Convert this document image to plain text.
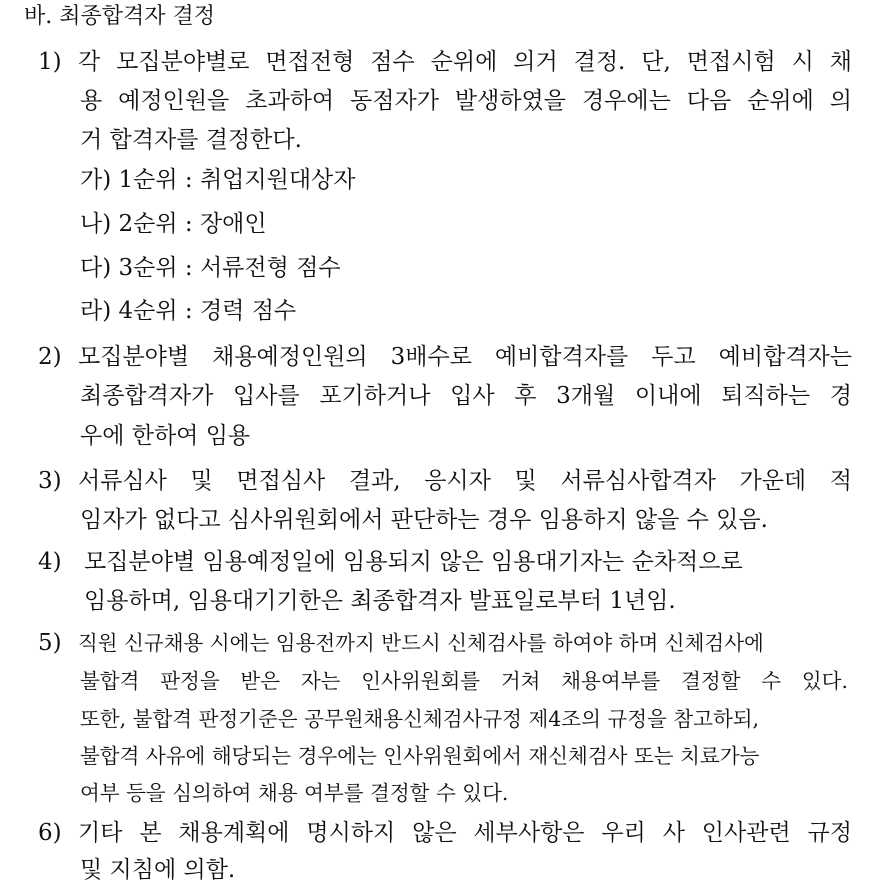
바. 최종합격자 결정
1) 각 모집분야별로 면접전형 점수 순위에 의거 결정. 단, 면접시험 시 채
용 예정인원을 초과하여 동점자가 발생하였을 경우에는 다음 순위에 의
거 합격자를 결정한다.
가) 1순위 : 취업지원대상자
나) 2순위 : 장애인
다) 3순위 : 서류전형 점수
라) 4순위 : 경력 점수
2) 모집분야별 채용예정인원의 3배수로 예비합격자를 두고 예비합격자는
최종합격자가 입사를 포기하거나 입사 후 3개월 이내에 퇴직하는 경
우에 한하여 임용
3) 서류심사 및 면접심사 결과, 응시자 및 서류심사합격자 가운데 적
임자가 없다고 심사위원회에서 판단하는 경우 임용하지 않을 수 있음.
4) 모집분야별 임용예정일에 임용되지 않은 임용대기자는 순차적으로
임용하며, 임용대기기한은 최종합격자 발표일로부터 1년임.
5) 직원 신규채용 시에는 임용전까지 반드시 신체검사를 하여야 하며 신체검사에
불합격 판정을 받은 자는 인사위원회를 거쳐 채용여부를 결정할 수 있다.
또한, 불합격 판정기준은 공무원채용신체검사규정 제4조의 규정을 참고하되,
불합격 사유에 해당되는 경우에는 인사위원회에서 재신체검사 또는 치료가능
여부 등을 심의하여 채용 여부를 결정할 수 있다.
6) 기타 본 채용계획에 명시하지 않은 세부사항은 우리 사 인사관련 규정
및 지침에 의함.
